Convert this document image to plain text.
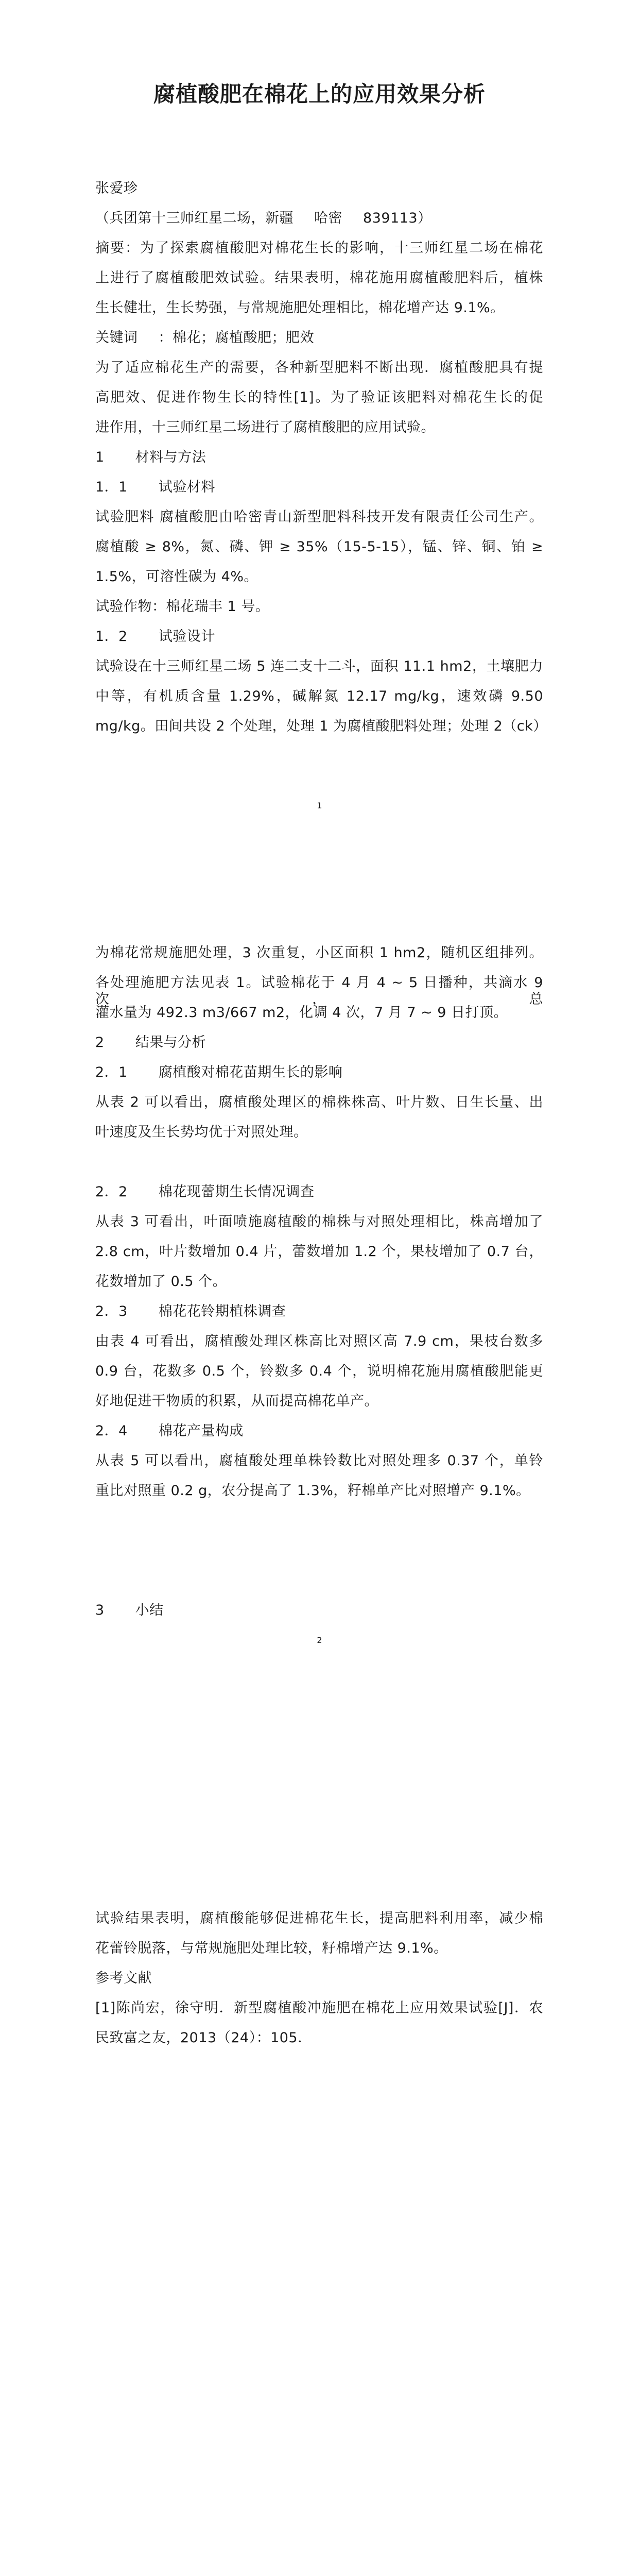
腐植酸肥在棉花上的应用效果分析

张爱珍

（兵团第十三师红星二场，新疆 哈密 839113）

摘要：为了探索腐植酸肥对棉花生长的影响，十三师红星二场在棉花

上进行了腐植酸肥效试验。结果表明，棉花施用腐植酸肥料后，植株

生长健壮，生长势强，与常规施肥处理相比，棉花增产达 9.1%。

关键词 ：棉花；腐植酸肥；肥效

为了适应棉花生产的需要，各种新型肥料不断出现．腐植酸肥具有提

高肥效、促进作物生长的特性[1]。为了验证该肥料对棉花生长的促

进作用，十三师红星二场进行了腐植酸肥的应用试验。

1 材料与方法

1．1 试验材料

试验肥料 腐植酸肥由哈密青山新型肥料科技开发有限责任公司生产。

腐植酸 ≥ 8%，氮、磷、钾 ≥ 35%（15-5-15），锰、锌、铜、铂 ≥

1.5%，可溶性碳为 4%。

试验作物：棉花瑞丰 1 号。

1．2 试验设计

试验设在十三师红星二场 5 连二支十二斗，面积 11.1 hm2，土壤肥力

中等，有机质含量 1.29%，碱解氮 12.17 mg/kg，速效磷 9.50

mg/kg。田间共设 2 个处理，处理 1 为腐植酸肥料处理；处理 2（ck）

1

为棉花常规施肥处理，3 次重复，小区面积 1 hm2，随机区组排列。

各处理施肥方法见表 1。试验棉花于 4 月 4 ~ 5 日播种，共滴水 9 次，总

灌水量为 492.3 m3/667 m2，化调 4 次，7 月 7 ~ 9 日打顶。

2 结果与分析

2．1 腐植酸对棉花苗期生长的影响

从表 2 可以看出，腐植酸处理区的棉株株高、叶片数、日生长量、出

叶速度及生长势均优于对照处理。

2．2 棉花现蕾期生长情况调查

从表 3 可看出，叶面喷施腐植酸的棉株与对照处理相比，株高增加了

2.8 cm，叶片数增加 0.4 片，蕾数增加 1.2 个，果枝增加了 0.7 台，

花数增加了 0.5 个。

2．3 棉花花铃期植株调查

由表 4 可看出，腐植酸处理区株高比对照区高 7.9 cm，果枝台数多

0.9 台，花数多 0.5 个，铃数多 0.4 个，说明棉花施用腐植酸肥能更

好地促进干物质的积累，从而提高棉花单产。

2．4 棉花产量构成

从表 5 可以看出，腐植酸处理单株铃数比对照处理多 0.37 个，单铃

重比对照重 0.2 g，农分提高了 1.3%，籽棉单产比对照增产 9.1%。

3 小结

2

试验结果表明，腐植酸能够促进棉花生长，提高肥料利用率，减少棉

花蕾铃脱落，与常规施肥处理比较，籽棉增产达 9.1%。

参考文献

[1]陈尚宏，徐守明．新型腐植酸冲施肥在棉花上应用效果试验[J]．农

民致富之友，2013（24）：105．
